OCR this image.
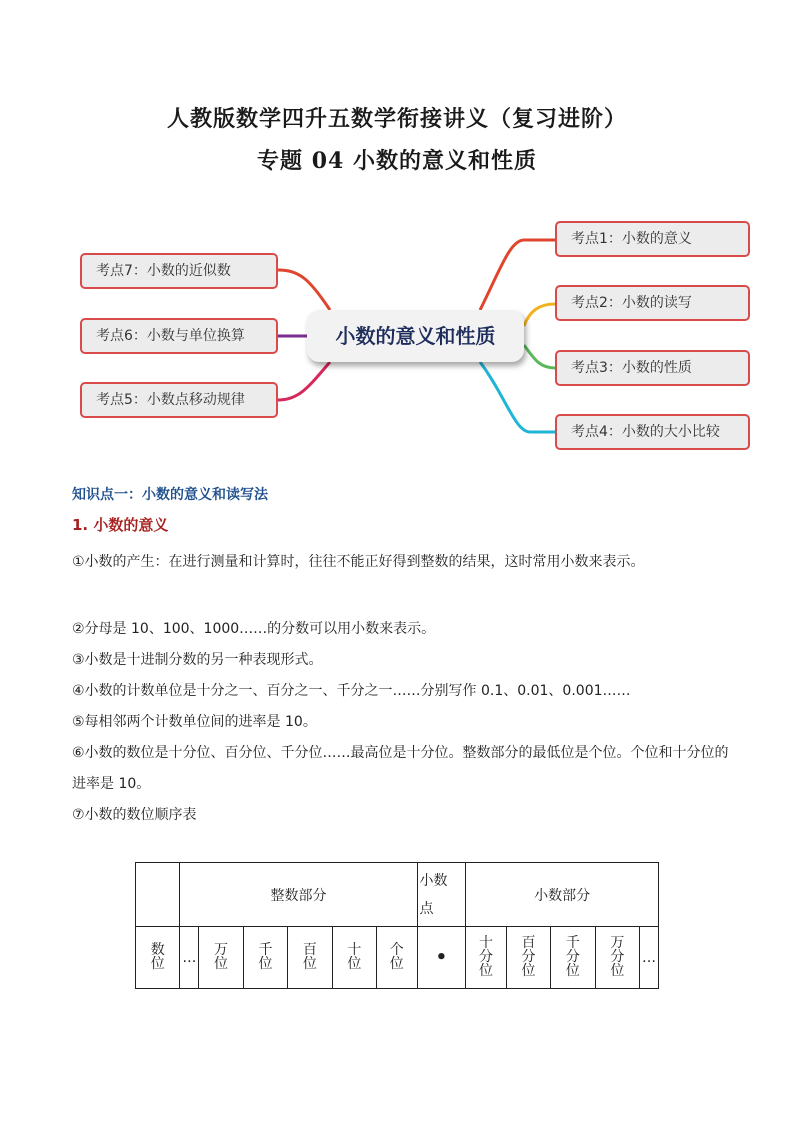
人教版数学四升五数学衔接讲义（复习进阶）
专题 04 小数的意义和性质
小数的意义和性质
考点1：小数的意义
考点2：小数的读写
考点3：小数的性质
考点4：小数的大小比较
考点7：小数的近似数
考点6：小数与单位换算
考点5：小数点移动规律
知识点一：小数的意义和读写法
1. 小数的意义
①小数的产生：在进行测量和计算时，往往不能正好得到整数的结果，这时常用小数来表示。
②分母是 10、100、1000……的分数可以用小数来表示。
③小数是十进制分数的另一种表现形式。
④小数的计数单位是十分之一、百分之一、千分之一……分别写作 0.1、0.01、0.001……
⑤每相邻两个计数单位间的进率是 10。
⑥小数的数位是十分位、百分位、千分位……最高位是十分位。整数部分的最低位是个位。个位和十分位的进率是 10。
⑦小数的数位顺序表
	整数部分						小数点	小数部分				
数位	…	万位	千位	百位	十位	个位	•	十分位	百分位	千分位	万分位	…
